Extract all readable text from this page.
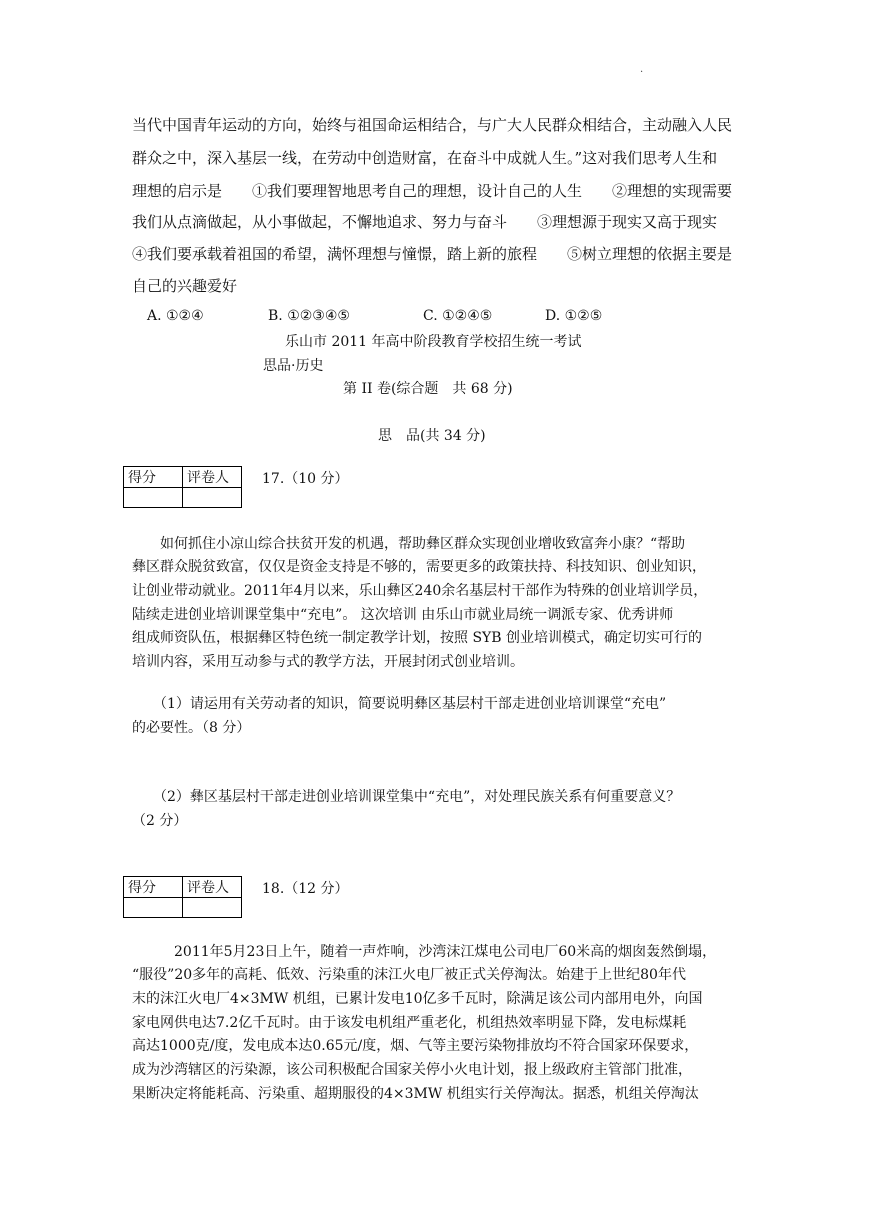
.
当代中国青年运动的方向，始终与祖国命运相结合，与广大人民群众相结合，主动融入人民
群众之中，深入基层一线，在劳动中创造财富，在奋斗中成就人生。”这对我们思考人生和
理想的启示是　　①我们要理智地思考自己的理想，设计自己的人生　　②理想的实现需要
我们从点滴做起，从小事做起，不懈地追求、努力与奋斗　　③理想源于现实又高于现实
④我们要承载着祖国的希望，满怀理想与憧憬，踏上新的旅程　　⑤树立理想的依据主要是
自己的兴趣爱好
A. ①②④	B. ①②③④⑤	C. ①②④⑤	D. ①②⑤
乐山市 2011 年高中阶段教育学校招生统一考试
思品·历史
第 II 卷(综合题　共 68 分)
思　品(共 34 分)
得分	评卷人
	17.（10 分）
　　如何抓住小凉山综合扶贫开发的机遇，帮助彝区群众实现创业增收致富奔小康？“帮助
彝区群众脱贫致富，仅仅是资金支持是不够的，需要更多的政策扶持、科技知识、创业知识，
让创业带动就业。2011年4月以来，乐山彝区240余名基层村干部作为特殊的创业培训学员，
陆续走进创业培训课堂集中“充电”。 这次培训 由乐山市就业局统一调派专家、优秀讲师
组成师资队伍，根据彝区特色统一制定教学计划，按照 SYB 创业培训模式，确定切实可行的
培训内容，采用互动参与式的教学方法，开展封闭式创业培训。
　　（1）请运用有关劳动者的知识，简要说明彝区基层村干部走进创业培训课堂“充电”
的必要性。（8 分）
　　（2）彝区基层村干部走进创业培训课堂集中“充电”，对处理民族关系有何重要意义？
（2 分）
得分	评卷人
	18.（12 分）
　　　2011年5月23日上午，随着一声炸响，沙湾沫江煤电公司电厂60米高的烟囱轰然倒塌，
“服役”20多年的高耗、低效、污染重的沫江火电厂被正式关停淘汰。始建于上世纪80年代
末的沫江火电厂4×3MW 机组，已累计发电10亿多千瓦时，除满足该公司内部用电外，向国
家电网供电达7.2亿千瓦时。由于该发电机组严重老化，机组热效率明显下降，发电标煤耗
高达1000克/度，发电成本达0.65元/度，烟、气等主要污染物排放均不符合国家环保要求，
成为沙湾辖区的污染源，该公司积极配合国家关停小火电计划，报上级政府主管部门批准，
果断决定将能耗高、污染重、超期服役的4×3MW 机组实行关停淘汰。据悉，机组关停淘汰
